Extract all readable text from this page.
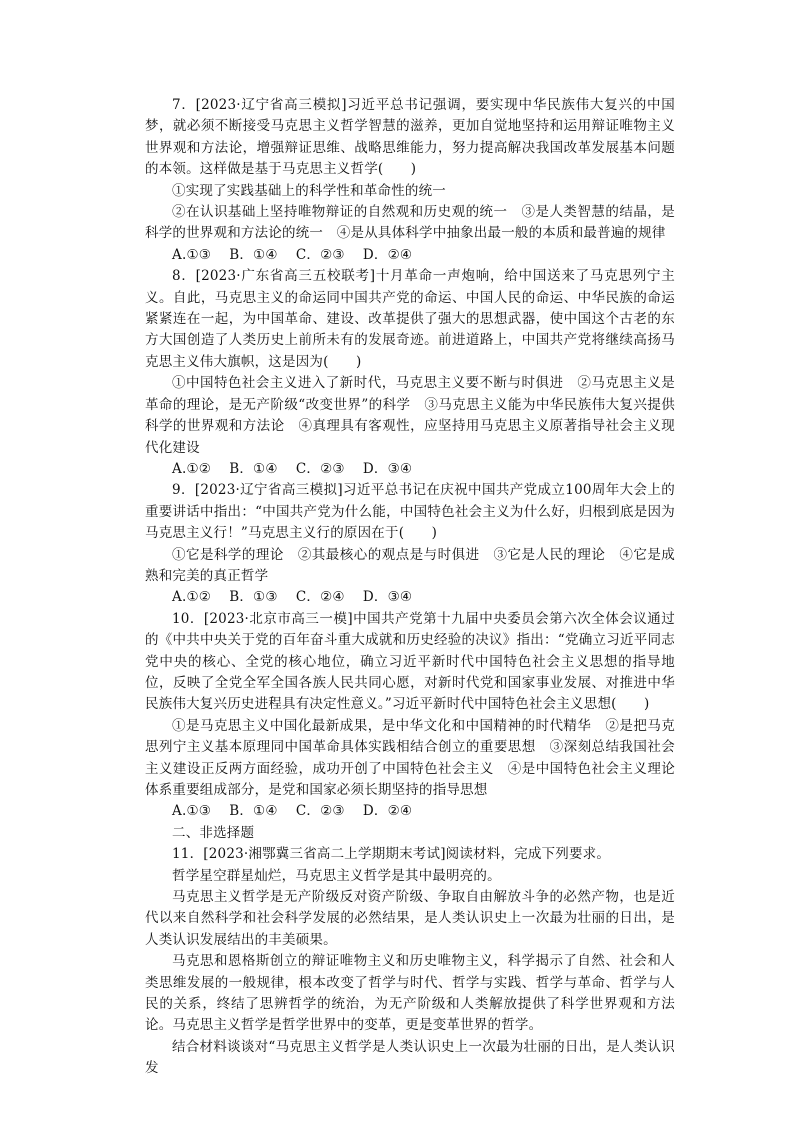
7．[2023·辽宁省高三模拟]习近平总书记强调，要实现中华民族伟大复兴的中国梦，就必须不断接受马克思主义哲学智慧的滋养，更加自觉地坚持和运用辩证唯物主义世界观和方法论，增强辩证思维、战略思维能力，努力提高解决我国改革发展基本问题的本领。这样做是基于马克思主义哲学(　　)

①实现了实践基础上的科学性和革命性的统一

②在认识基础上坚持唯物辩证的自然观和历史观的统一　③是人类智慧的结晶，是科学的世界观和方法论的统一　④是从具体科学中抽象出最一般的本质和最普遍的规律

A.①③　 B．①④　 C．②③　 D．②④

8．[2023·广东省高三五校联考]十月革命一声炮响，给中国送来了马克思列宁主义。自此，马克思主义的命运同中国共产党的命运、中国人民的命运、中华民族的命运紧紧连在一起，为中国革命、建设、改革提供了强大的思想武器，使中国这个古老的东方大国创造了人类历史上前所未有的发展奇迹。前进道路上，中国共产党将继续高扬马克思主义伟大旗帜，这是因为(　　)

①中国特色社会主义进入了新时代，马克思主义要不断与时俱进　②马克思主义是革命的理论，是无产阶级“改变世界”的科学　③马克思主义能为中华民族伟大复兴提供科学的世界观和方法论　④真理具有客观性，应坚持用马克思主义原著指导社会主义现代化建设

A.①②　 B．①④　 C．②③　 D．③④

9．[2023·辽宁省高三模拟]习近平总书记在庆祝中国共产党成立100周年大会上的重要讲话中指出：“中国共产党为什么能，中国特色社会主义为什么好，归根到底是因为马克思主义行！”马克思主义行的原因在于(　　)

①它是科学的理论　②其最核心的观点是与时俱进　③它是人民的理论　④它是成熟和完美的真正哲学

A.①②　 B．①③　 C．②④　 D．③④

10．[2023·北京市高三一模]中国共产党第十九届中央委员会第六次全体会议通过的《中共中央关于党的百年奋斗重大成就和历史经验的决议》指出：“党确立习近平同志党中央的核心、全党的核心地位，确立习近平新时代中国特色社会主义思想的指导地位，反映了全党全军全国各族人民共同心愿，对新时代党和国家事业发展、对推进中华民族伟大复兴历史进程具有决定性意义。”习近平新时代中国特色社会主义思想(　　)

①是马克思主义中国化最新成果，是中华文化和中国精神的时代精华　②是把马克思列宁主义基本原理同中国革命具体实践相结合创立的重要思想　③深刻总结我国社会主义建设正反两方面经验，成功开创了中国特色社会主义　④是中国特色社会主义理论体系重要组成部分，是党和国家必须长期坚持的指导思想

A.①③　 B．①④　 C．②③　 D．②④

二、非选择题

11．[2023·湘鄂冀三省高二上学期期末考试]阅读材料，完成下列要求。

哲学星空群星灿烂，马克思主义哲学是其中最明亮的。

马克思主义哲学是无产阶级反对资产阶级、争取自由解放斗争的必然产物，也是近代以来自然科学和社会科学发展的必然结果，是人类认识史上一次最为壮丽的日出，是人类认识发展结出的丰美硕果。

马克思和恩格斯创立的辩证唯物主义和历史唯物主义，科学揭示了自然、社会和人类思维发展的一般规律，根本改变了哲学与时代、哲学与实践、哲学与革命、哲学与人民的关系，终结了思辨哲学的统治，为无产阶级和人类解放提供了科学世界观和方法论。马克思主义哲学是哲学世界中的变革，更是变革世界的哲学。

结合材料谈谈对“马克思主义哲学是人类认识史上一次最为壮丽的日出，是人类认识发
